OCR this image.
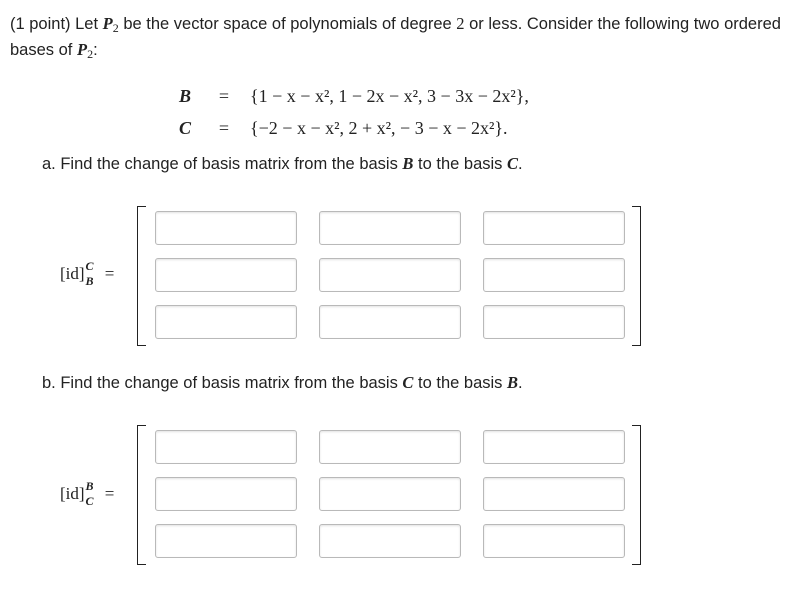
(1 point) Let $P_2$ be the vector space of polynomials of degree 2 or less. Consider the following two ordered bases of $P_2$:
B	=	{1 − x − x², 1 − 2x − x², 3 − 3x − 2x²},
C	=	{−2 − x − x², 2 + x², − 3 − x − 2x²}.
a. Find the change of basis matrix from the basis B to the basis C.
[id] C
B =
b. Find the change of basis matrix from the basis C to the basis B.
[id] B
C =
